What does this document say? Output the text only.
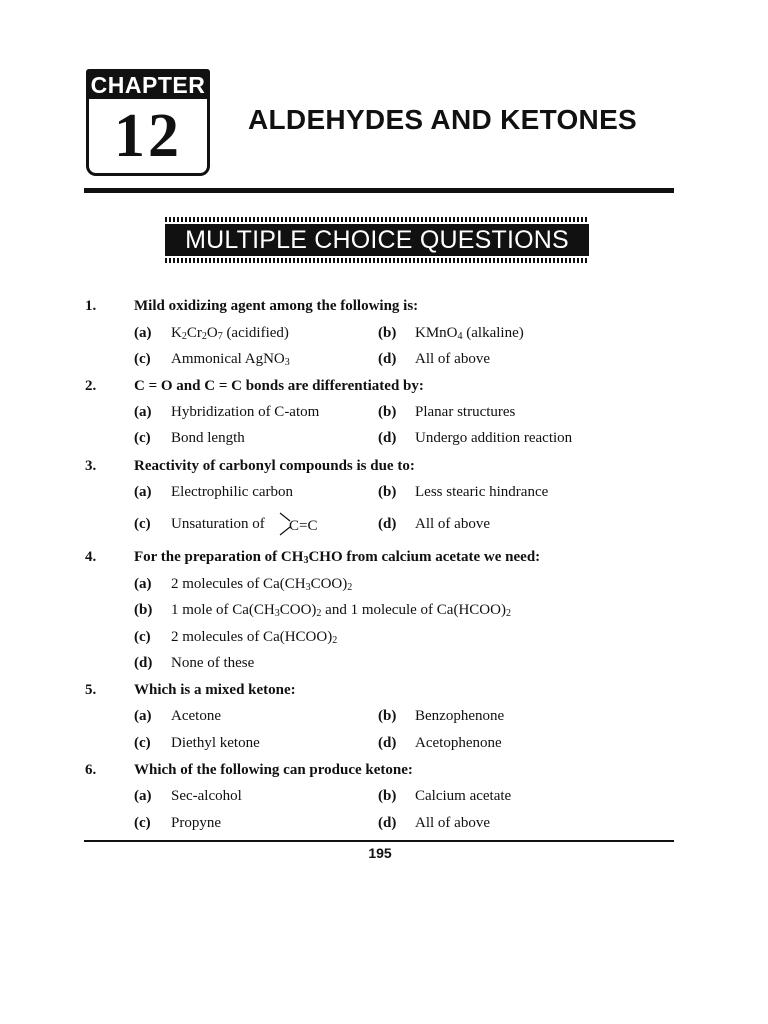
CHAPTER
12	ALDEHYDES AND KETONES
MULTIPLE CHOICE QUESTIONS
1.	Mild oxidizing agent among the following is:
(a) $K_2Cr_2O_7$ (acidified)	(b) KMnO$_4$ (alkaline)
(c) Ammonical AgNO$_3$	(d) All of above
2.	C = O and C = C bonds are differentiated by:
(a) Hybridization of C-atom	(b) Planar structures
(c) Bond length	(d) Undergo addition reaction
3.	Reactivity of carbonyl compounds is due to:
(a) Electrophilic carbon	(b) Less stearic hindrance
(c) Unsaturation of C=C	(d) All of above
4.	For the preparation of $CH_3CHO$ from calcium acetate we need:
(a) 2 molecules of $Ca(CH_3COO)_2$
(b) 1 mole of $Ca(CH_3COO)_2$ and 1 molecule of $Ca(HCOO)_2$
(c) 2 molecules of $Ca(HCOO)_2$
(d) None of these
5.	Which is a mixed ketone:
(a) Acetone	(b) Benzophenone
(c) Diethyl ketone	(d) Acetophenone
6.	Which of the following can produce ketone:
(a) Sec-alcohol	(b) Calcium acetate
(c) Propyne	(d) All of above
195
